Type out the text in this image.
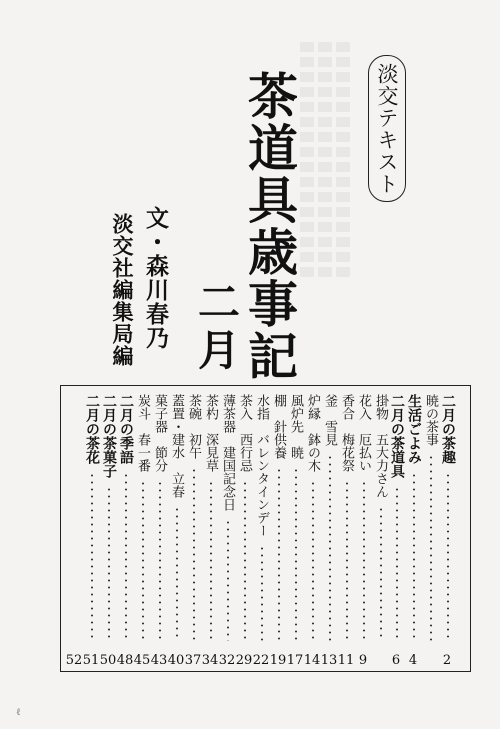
淡交テキスト
茶道具歳事記
二月
文・森川春乃
淡交社編集局編
二月の茶趣
暁の茶事
生活ごよみ
二月の茶道具
掛物　五大力さん
花入　厄払い
香合　梅花祭
釜　雪見
炉縁　鉢の木
風炉先　暁
棚　針供養
水指　バレンタインデー
茶入　西行忌
薄茶器　建国記念日
茶杓　深見草
茶碗　初午
蓋置・建水　立春
菓子器　節分
炭斗　春一番
二月の季語
二月の茶菓子
二月の茶花
2
4
6
9
11
13
14
17
19
22
29
32
34
37
40
43
45
48
50
51
52
ℓ
